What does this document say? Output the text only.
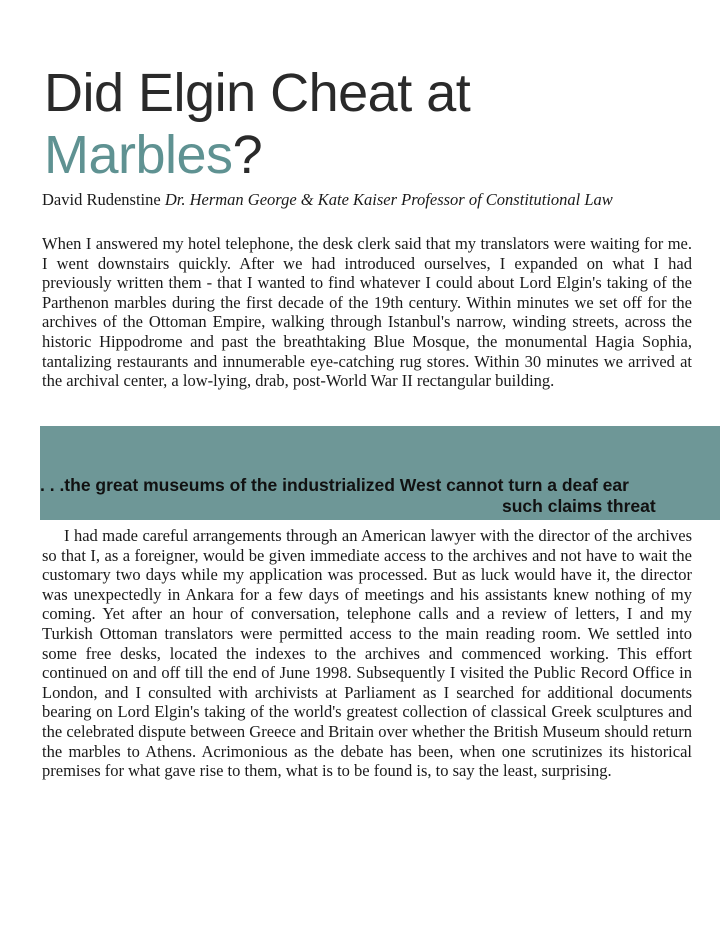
Did Elgin Cheat at
Marbles?
David Rudenstine Dr. Herman George & Kate Kaiser Professor of Constitutional Law

When I answered my hotel telephone, the desk clerk said that my translators were waiting for me. I went downstairs quickly. After we had introduced ourselves, I expanded on what I had previously written them - that I wanted to find whatever I could about Lord Elgin's taking of the Parthenon marbles during the first decade of the 19th century. Within minutes we set off for the archives of the Ottoman Empire, walking through Istanbul's narrow, winding streets, across the historic Hippodrome and past the breathtaking Blue Mosque, the monumental Hagia Sophia, tantalizing restaurants and innumerable eye-catching rug stores. Within 30 minutes we arrived at the archival center, a low-lying, drab, post-World War II rectangular building.

. . .the great museums of the industrialized West cannot turn a deaf ear
such claims threat

I had made careful arrangements through an American lawyer with the director of the archives so that I, as a foreigner, would be given immediate access to the archives and not have to wait the customary two days while my application was processed. But as luck would have it, the director was unexpectedly in Ankara for a few days of meetings and his assistants knew nothing of my coming. Yet after an hour of conversation, telephone calls and a review of letters, I and my Turkish Ottoman translators were permitted access to the main reading room. We settled into some free desks, located the indexes to the archives and commenced working. This effort continued on and off till the end of June 1998. Subsequently I visited the Public Record Office in London, and I consulted with archivists at Parliament as I searched for additional documents bearing on Lord Elgin's taking of the world's greatest collection of classical Greek sculptures and the celebrated dispute between Greece and Britain over whether the British Museum should return the marbles to Athens. Acrimonious as the debate has been, when one scrutinizes its historical premises for what gave rise to them, what is to be found is, to say the least, surprising.
